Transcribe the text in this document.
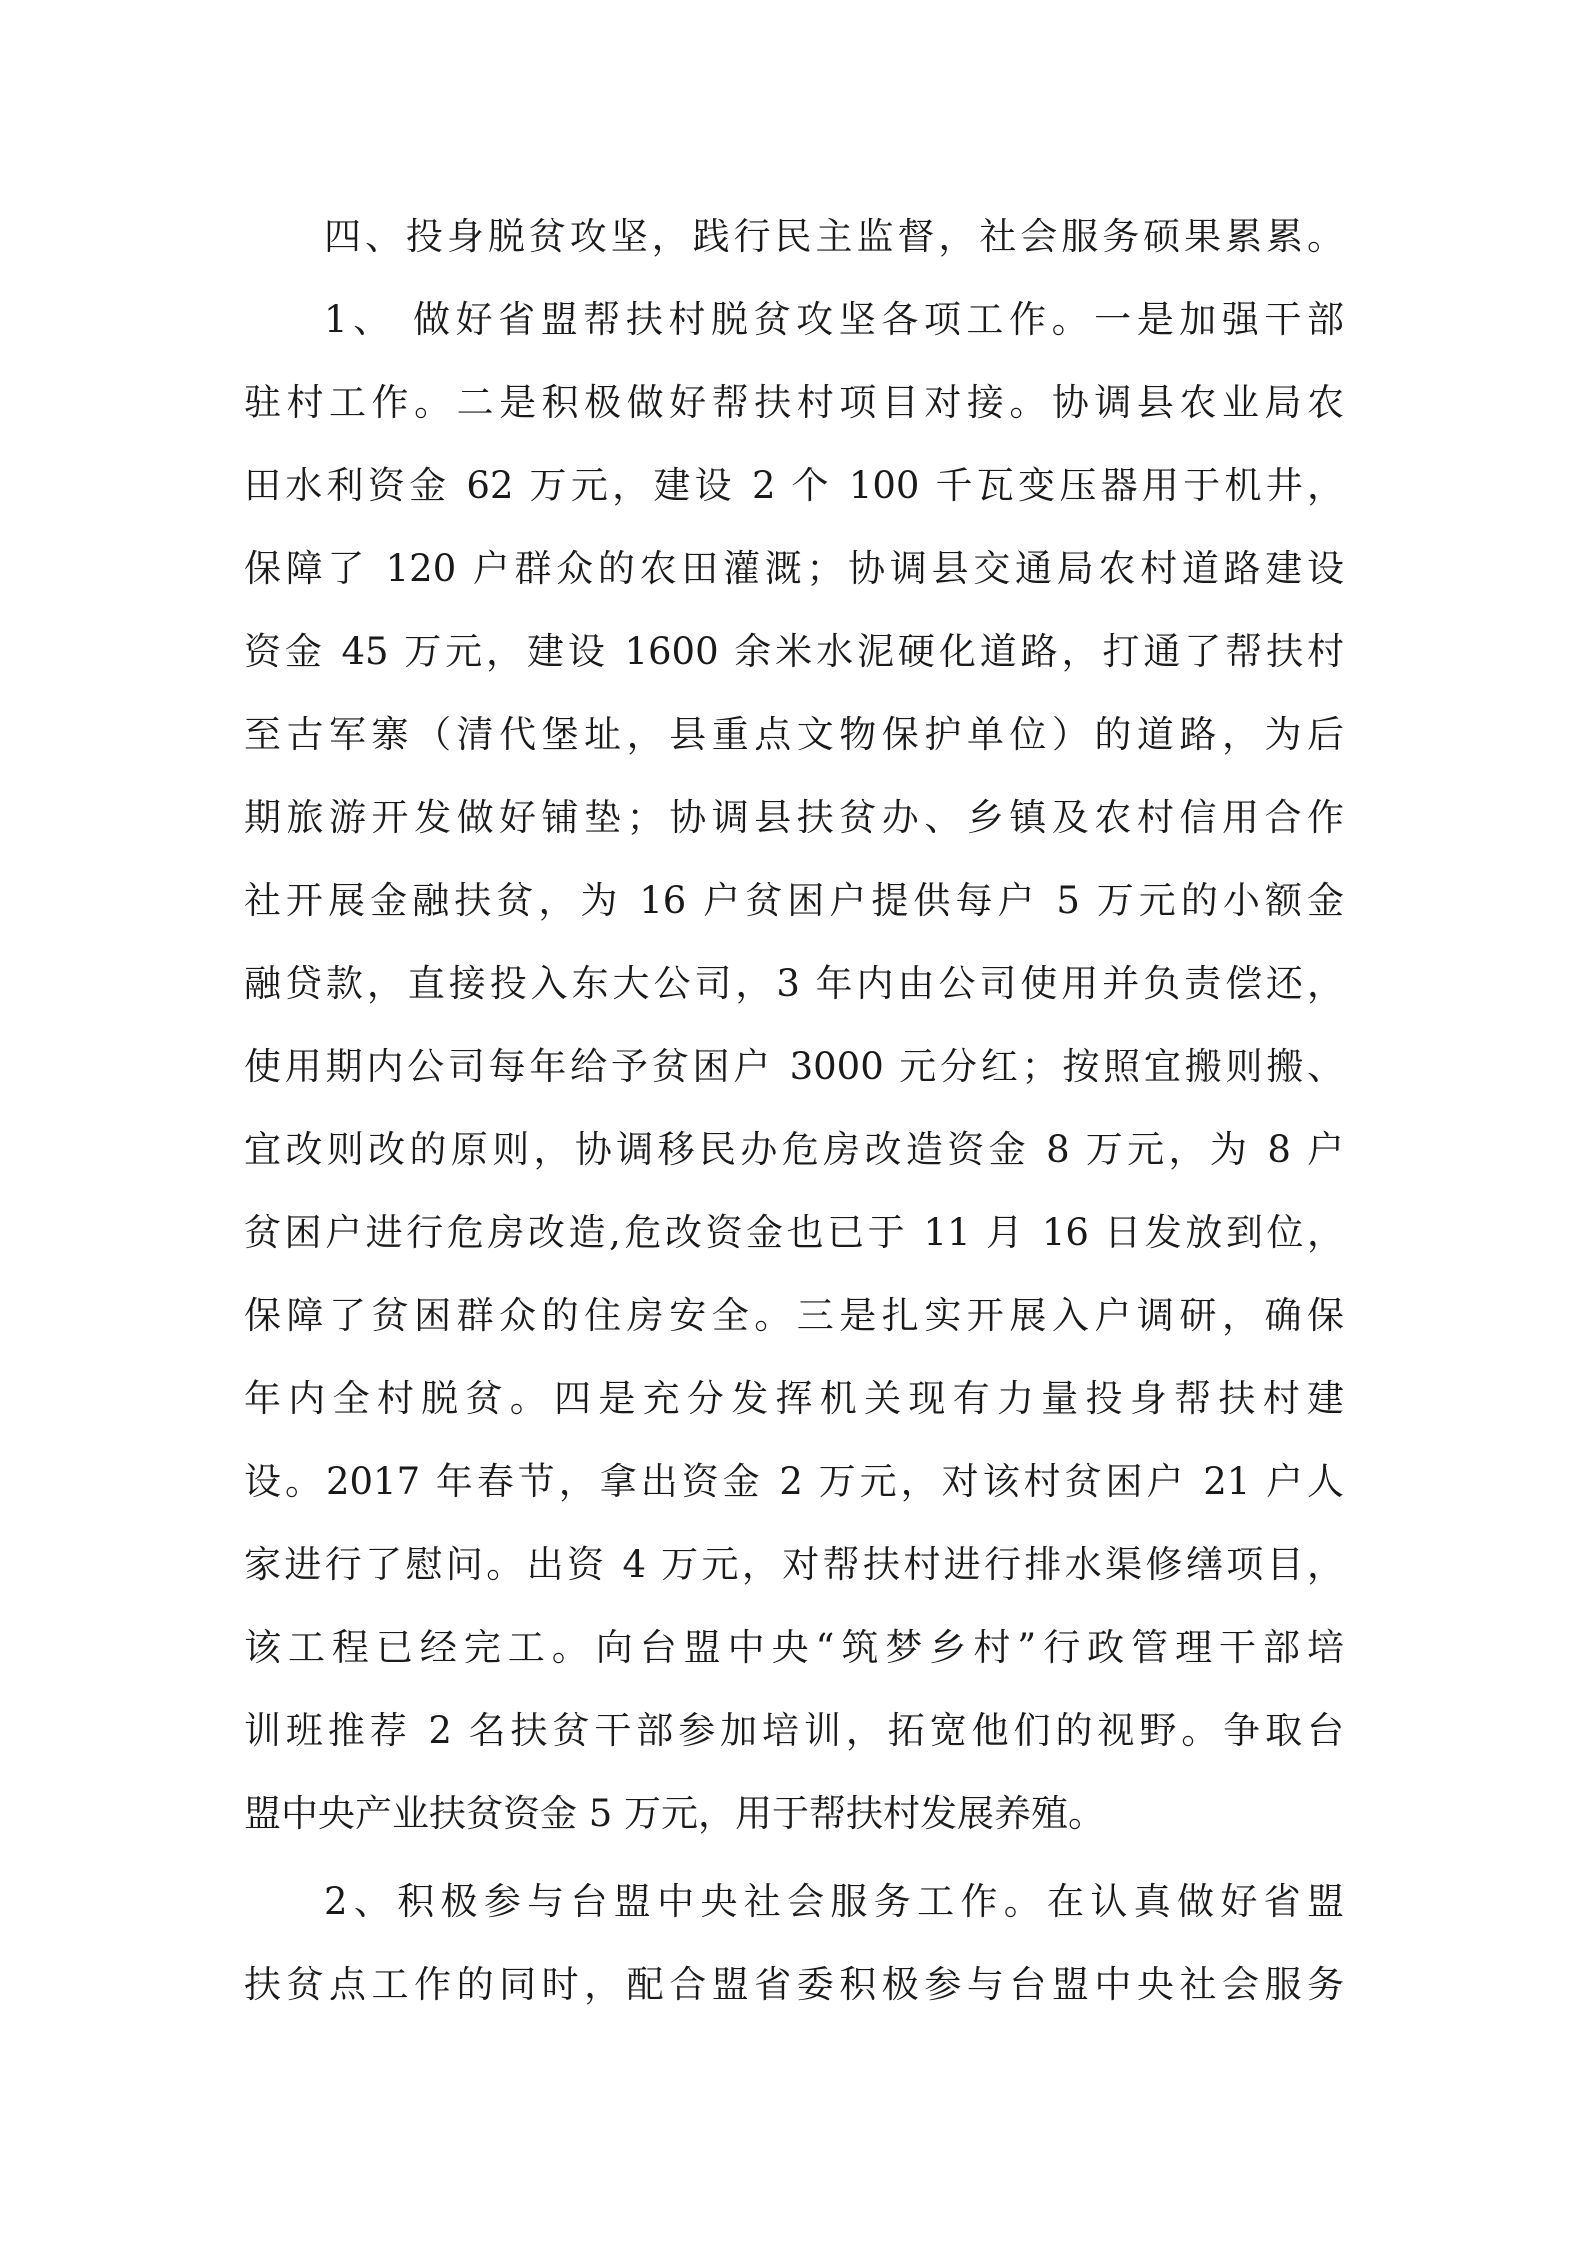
四、投身脱贫攻坚，践行民主监督，社会服务硕果累累。
1、 做好省盟帮扶村脱贫攻坚各项工作。一是加强干部
驻村工作。二是积极做好帮扶村项目对接。协调县农业局农
田水利资金 62 万元，建设 2 个 100 千瓦变压器用于机井，
保障了 120 户群众的农田灌溉；协调县交通局农村道路建设
资金 45 万元，建设 1600 余米水泥硬化道路，打通了帮扶村
至古军寨（清代堡址，县重点文物保护单位）的道路，为后
期旅游开发做好铺垫；协调县扶贫办、乡镇及农村信用合作
社开展金融扶贫，为 16 户贫困户提供每户 5 万元的小额金
融贷款，直接投入东大公司，3 年内由公司使用并负责偿还，
使用期内公司每年给予贫困户 3000 元分红；按照宜搬则搬、
宜改则改的原则，协调移民办危房改造资金 8 万元，为 8 户
贫困户进行危房改造,危改资金也已于 11 月 16 日发放到位，
保障了贫困群众的住房安全。三是扎实开展入户调研，确保
年内全村脱贫。四是充分发挥机关现有力量投身帮扶村建
设。2017 年春节，拿出资金 2 万元，对该村贫困户 21 户人
家进行了慰问。出资 4 万元，对帮扶村进行排水渠修缮项目，
该工程已经完工。向台盟中央“筑梦乡村”行政管理干部培
训班推荐 2 名扶贫干部参加培训，拓宽他们的视野。争取台
盟中央产业扶贫资金 5 万元，用于帮扶村发展养殖。
2、积极参与台盟中央社会服务工作。在认真做好省盟
扶贫点工作的同时，配合盟省委积极参与台盟中央社会服务
